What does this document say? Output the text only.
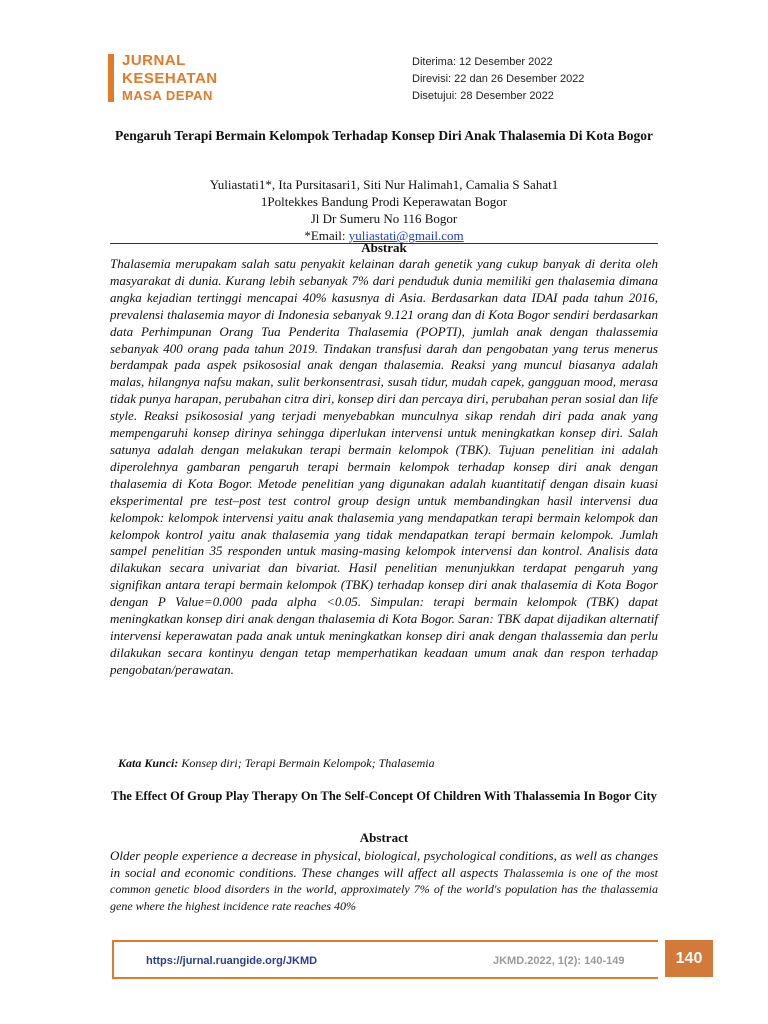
JURNAL
KESEHATAN
MASA DEPAN
Diterima: 12 Desember 2022
Direvisi: 22 dan 26 Desember 2022
Disetujui: 28 Desember 2022
Pengaruh Terapi Bermain Kelompok Terhadap Konsep Diri Anak Thalasemia Di Kota Bogor
Yuliastati1*, Ita Pursitasari1, Siti Nur Halimah1, Camalia S Sahat1
1Poltekkes Bandung Prodi Keperawatan Bogor
Jl Dr Sumeru No 116 Bogor
*Email: yuliastati@gmail.com
Abstrak
Thalasemia merupakam salah satu penyakit kelainan darah genetik yang cukup banyak di derita oleh masyarakat di dunia. Kurang lebih sebanyak 7% dari penduduk dunia memiliki gen thalasemia dimana angka kejadian tertinggi mencapai 40% kasusnya di Asia. Berdasarkan data IDAI pada tahun 2016, prevalensi thalasemia mayor di Indonesia sebanyak 9.121 orang dan di Kota Bogor sendiri berdasarkan data Perhimpunan Orang Tua Penderita Thalasemia (POPTI), jumlah anak dengan thalassemia sebanyak 400 orang pada tahun 2019. Tindakan transfusi darah dan pengobatan yang terus menerus berdampak pada aspek psikososial anak dengan thalasemia. Reaksi yang muncul biasanya adalah malas, hilangnya nafsu makan, sulit berkonsentrasi, susah tidur, mudah capek, gangguan mood, merasa tidak punya harapan, perubahan citra diri, konsep diri dan percaya diri, perubahan peran sosial dan life style. Reaksi psikososial yang terjadi menyebabkan munculnya sikap rendah diri pada anak yang mempengaruhi konsep dirinya sehingga diperlukan intervensi untuk meningkatkan konsep diri. Salah satunya adalah dengan melakukan terapi bermain kelompok (TBK). Tujuan penelitian ini adalah diperolehnya gambaran pengaruh terapi bermain kelompok terhadap konsep diri anak dengan thalasemia di Kota Bogor. Metode penelitian yang digunakan adalah kuantitatif dengan disain kuasi eksperimental pre test–post test control group design untuk membandingkan hasil intervensi dua kelompok: kelompok intervensi yaitu anak thalasemia yang mendapatkan terapi bermain kelompok dan kelompok kontrol yaitu anak thalasemia yang tidak mendapatkan terapi bermain kelompok. Jumlah sampel penelitian 35 responden untuk masing-masing kelompok intervensi dan kontrol. Analisis data dilakukan secara univariat dan bivariat. Hasil penelitian menunjukkan terdapat pengaruh yang signifikan antara terapi bermain kelompok (TBK) terhadap konsep diri anak thalasemia di Kota Bogor dengan P Value=0.000 pada alpha <0.05. Simpulan: terapi bermain kelompok (TBK) dapat meningkatkan konsep diri anak dengan thalasemia di Kota Bogor. Saran: TBK dapat dijadikan alternatif intervensi keperawatan pada anak untuk meningkatkan konsep diri anak dengan thalassemia dan perlu dilakukan secara kontinyu dengan tetap memperhatikan keadaan umum anak dan respon terhadap pengobatan/perawatan.
Kata Kunci: Konsep diri; Terapi Bermain Kelompok; Thalasemia
The Effect Of Group Play Therapy On The Self-Concept Of Children With Thalassemia In Bogor City
Abstract
Older people experience a decrease in physical, biological, psychological conditions, as well as changes in social and economic conditions. These changes will affect all aspects Thalassemia is one of the most common genetic blood disorders in the world, approximately 7% of the world's population has the thalassemia gene where the highest incidence rate reaches 40%
https://jurnal.ruangide.org/JKMD	JKMD.2022, 1(2): 140-149	140
